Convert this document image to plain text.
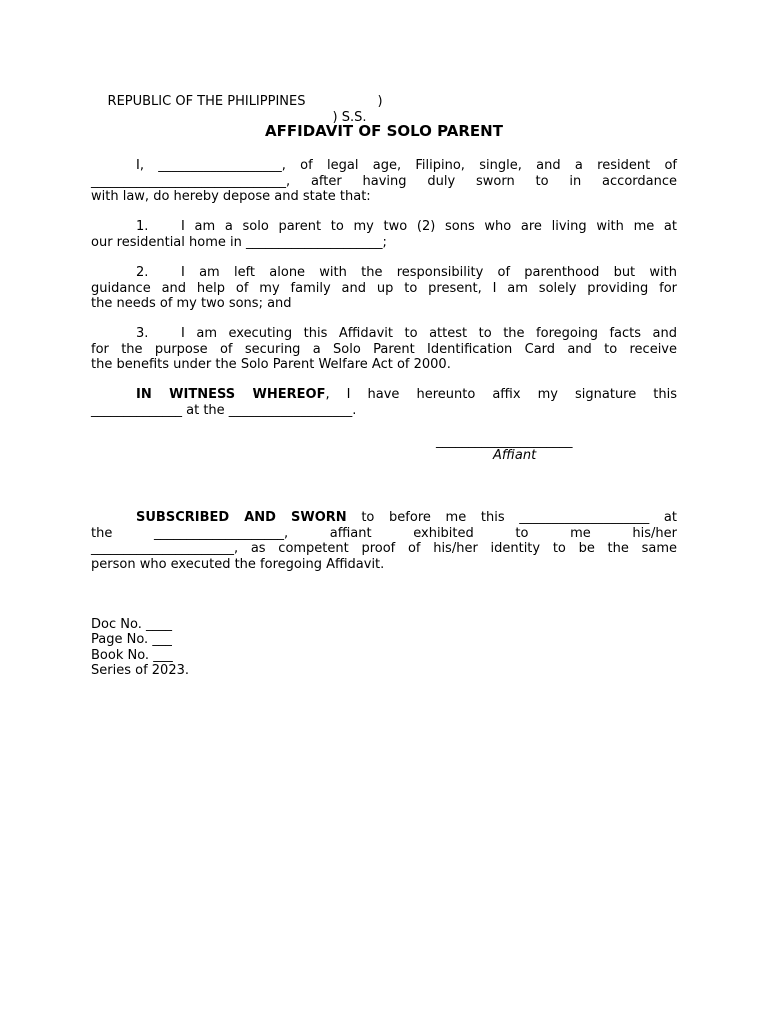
REPUBLIC OF THE PHILIPPINES
	)

) S.S.

AFFIDAVIT OF SOLO PARENT
I, ___________________, of legal age, Filipino, single, and a resident of
______________________________, after having duly sworn to in accordance
with law, do hereby depose and state that:
1.	I am a solo parent to my two (2) sons who are living with me at
our residential home in _____________________;
2.	I am left alone with the responsibility of parenthood but with
guidance and help of my family and up to present, I am solely providing for
the needs of my two sons; and
3.	I am executing this Affidavit to attest to the foregoing facts and
for the purpose of securing a Solo Parent Identification Card and to receive
the benefits under the Solo Parent Welfare Act of 2000.
IN WITNESS WHEREOF, I have hereunto affix my signature this
______________ at the ___________________.
_____________________
Affiant
SUBSCRIBED AND SWORN to before me this ____________________ at
the ____________________, affiant exhibited to me his/her
______________________, as competent proof of his/her identity to be the same
person who executed the foregoing Affidavit.
Doc No. ____
Page No. ___
Book No. ___
Series of 2023.
